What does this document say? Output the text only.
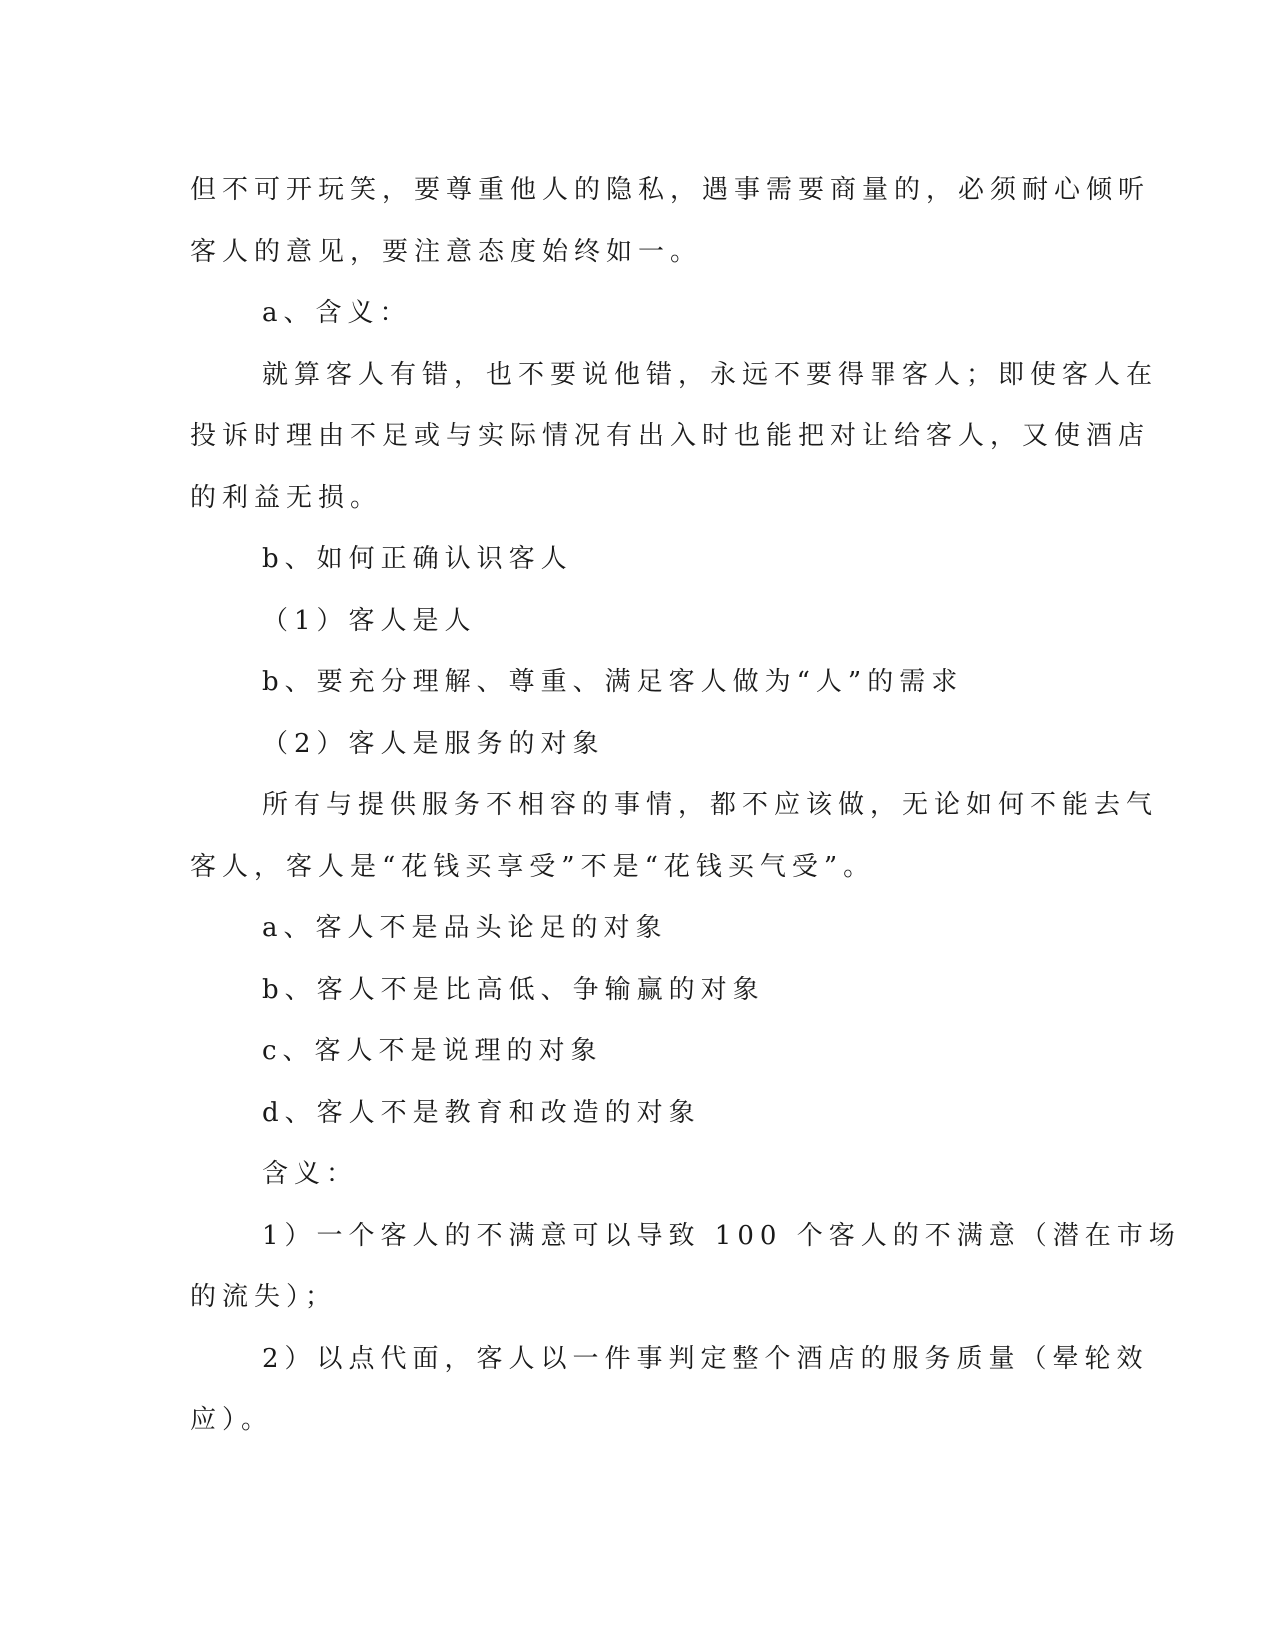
但不可开玩笑，要尊重他人的隐私，遇事需要商量的，必须耐心倾听
客人的意见，要注意态度始终如一。
a、含义：
就算客人有错，也不要说他错，永远不要得罪客人；即使客人在
投诉时理由不足或与实际情况有出入时也能把对让给客人，又使酒店
的利益无损。
b、如何正确认识客人
（1）客人是人
b、要充分理解、尊重、满足客人做为“人”的需求
（2）客人是服务的对象
所有与提供服务不相容的事情，都不应该做，无论如何不能去气
客人，客人是“花钱买享受”不是“花钱买气受”。
a、客人不是品头论足的对象
b、客人不是比高低、争输赢的对象
c、客人不是说理的对象
d、客人不是教育和改造的对象
含义：
1）一个客人的不满意可以导致 100 个客人的不满意（潜在市场
的流失）；
2）以点代面，客人以一件事判定整个酒店的服务质量（晕轮效
应）。
